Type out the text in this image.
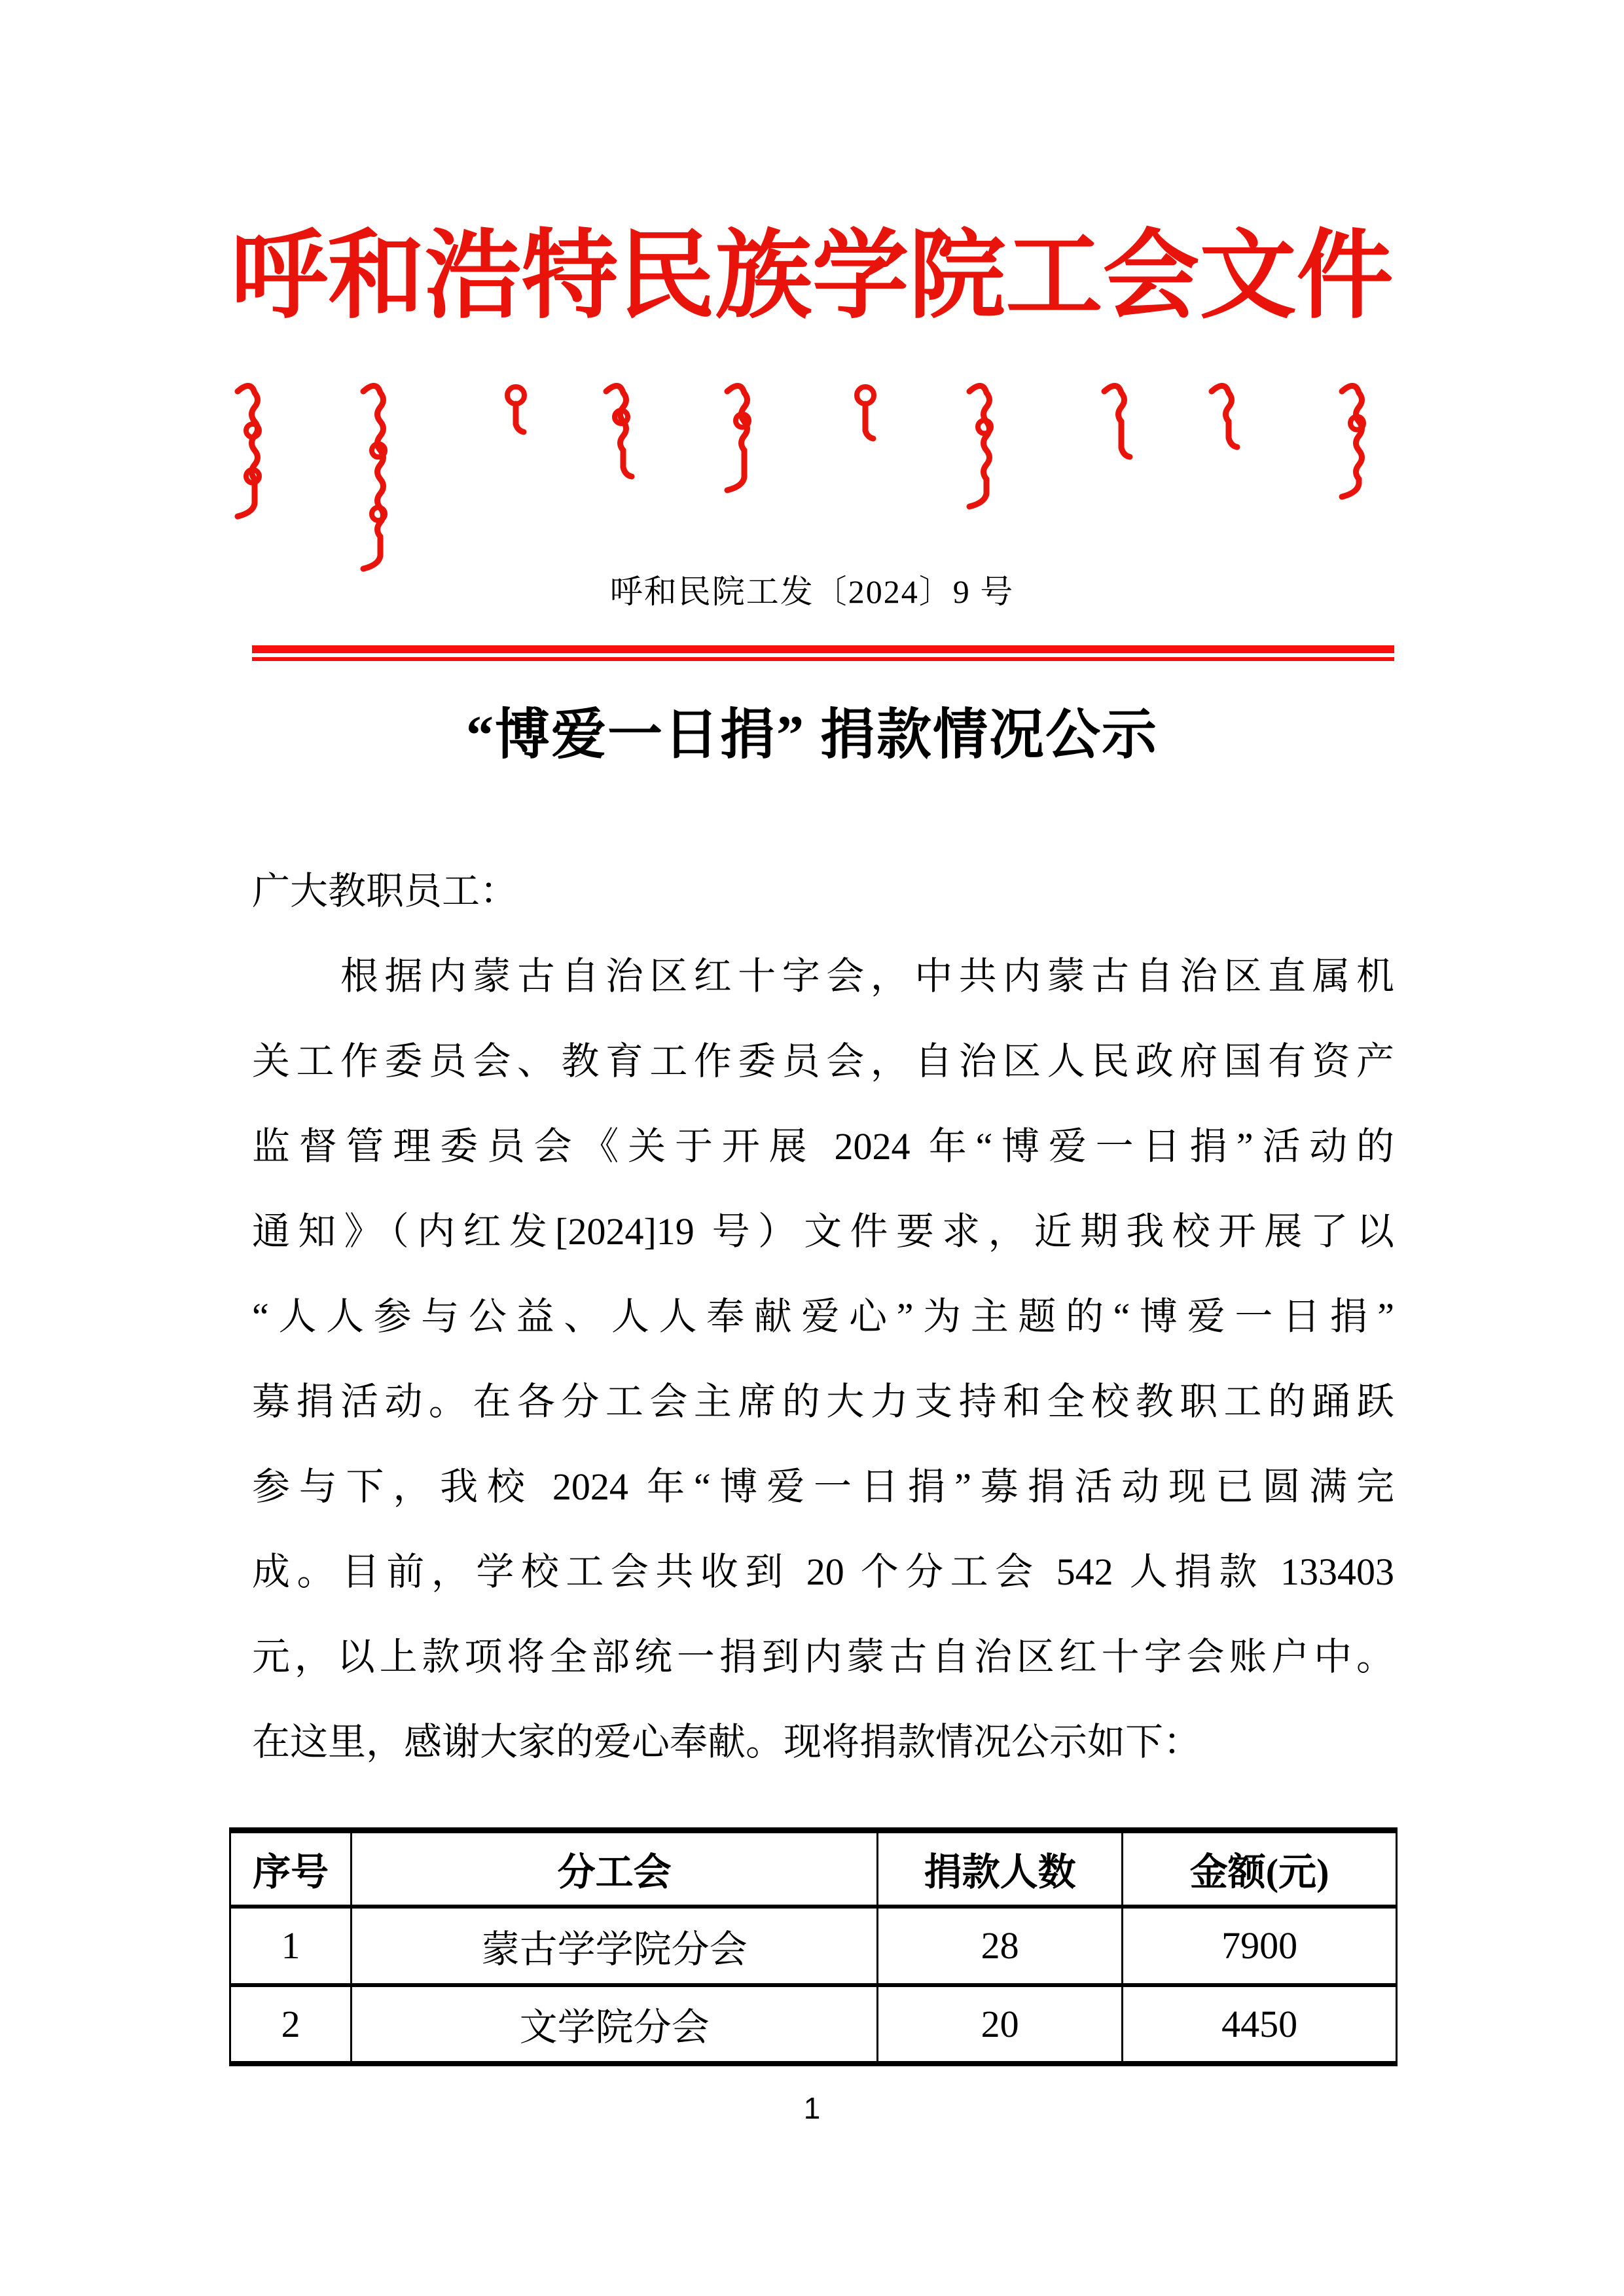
呼和浩特民族学院工会文件
呼和民院工发〔2024〕9 号
“博爱一日捐” 捐款情况公示
广大教职员工：
　　根据内蒙古自治区红十字会，中共内蒙古自治区直属机
关工作委员会、教育工作委员会，自治区人民政府国有资产
监督管理委员会《关于开展 2024 年“博爱一日捐”活动的
通知》（内红发[2024]19 号）文件要求，近期我校开展了以
“人人参与公益、人人奉献爱心”为主题的“博爱一日捐”
募捐活动。在各分工会主席的大力支持和全校教职工的踊跃
参与下，我校 2024 年“博爱一日捐”募捐活动现已圆满完
成。目前，学校工会共收到 20 个分工会 542 人捐款 133403
元，以上款项将全部统一捐到内蒙古自治区红十字会账户中。
在这里，感谢大家的爱心奉献。现将捐款情况公示如下：
序号	分工会	捐款人数	金额(元)
1	蒙古学学院分会	28	7900
2	文学院分会	20	4450
1
